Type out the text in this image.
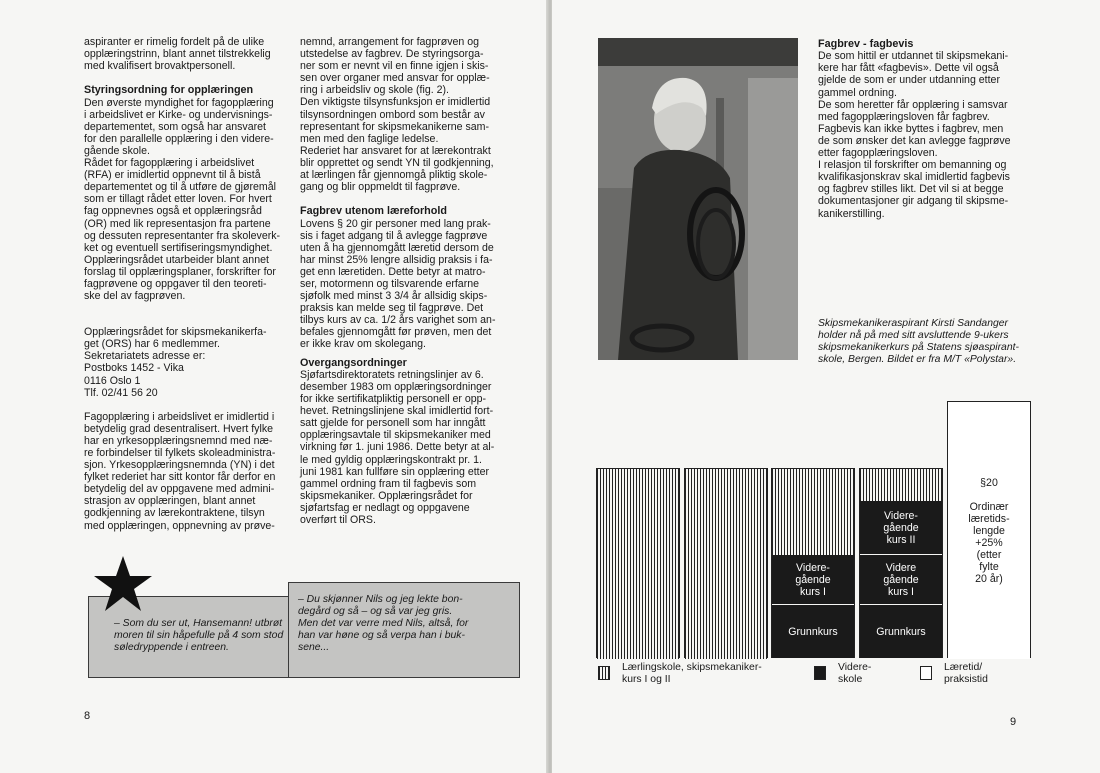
aspiranter er rimelig fordelt på de ulike
opplæringstrinn, blant annet tilstrekkelig
med kvalifisert brovaktpersonell.

Styringsordning for opplæringen

Den øverste myndighet for fagopplæring
i arbeidslivet er Kirke- og undervisnings-
departementet, som også har ansvaret
for den parallelle opplæring i den videre-
gående skole.
Rådet for fagopplæring i arbeidslivet
(RFA) er imidlertid oppnevnt til å bistå
departementet og til å utføre de gjøremål
som er tillagt rådet etter loven. For hvert
fag oppnevnes også et opplæringsråd
(OR) med lik representasjon fra partene
og dessuten representanter fra skoleverk-
ket og eventuell sertifiseringsmyndighet.
Opplæringsrådet utarbeider blant annet
forslag til opplæringsplaner, forskrifter for
fagprøvene og oppgaver til den teoreti-
ske del av fagprøven.

Opplæringsrådet for skipsmekanikerfa-
get (ORS) har 6 medlemmer.
Sekretariatets adresse er:
Postboks 1452 - Vika
0116 Oslo 1
Tlf. 02/41 56 20

Fagopplæring i arbeidslivet er imidlertid i
betydelig grad desentralisert. Hvert fylke
har en yrkesopplæringsnemnd med næ-
re forbindelser til fylkets skoleadministra-
sjon. Yrkesopplæringsnemnda (YN) i det
fylket rederiet har sitt kontor får derfor en
betydelig del av oppgavene med admini-
strasjon av opplæringen, blant annet
godkjenning av lærekontraktene, tilsyn
med opplæringen, oppnevning av prøve-

nemnd, arrangement for fagprøven og
utstedelse av fagbrev. De styringsorga-
ner som er nevnt vil en finne igjen i skis-
sen over organer med ansvar for opplæ-
ring i arbeidsliv og skole (fig. 2).
Den viktigste tilsynsfunksjon er imidlertid
tilsynsordningen ombord som består av
representant for skipsmekanikerne sam-
men med den faglige ledelse.
Rederiet har ansvaret for at lærekontrakt
blir opprettet og sendt YN til godkjenning,
at lærlingen får gjennomgå pliktig skole-
gang og blir oppmeldt til fagprøve.

Fagbrev utenom læreforhold

Lovens § 20 gir personer med lang prak-
sis i faget adgang til å avlegge fagprøve
uten å ha gjennomgått læretid dersom de
har minst 25% lengre allsidig praksis i fa-
get enn læretiden. Dette betyr at matro-
ser, motormenn og tilsvarende erfarne
sjøfolk med minst 3 3/4 år allsidig skips-
praksis kan melde seg til fagprøve. Det
tilbys kurs av ca. 1/2 års varighet som an-
befales gjennomgått før prøven, men det
er ikke krav om skolegang.

Overgangsordninger

Sjøfartsdirektoratets retningslinjer av 6.
desember 1983 om opplæringsordninger
for ikke sertifikatpliktig personell er opp-
hevet. Retningslinjene skal imidlertid fort-
satt gjelde for personell som har inngått
opplæringsavtale til skipsmekaniker med
virkning før 1. juni 1986. Dette betyr at al-
le med gyldig opplæringskontrakt pr. 1.
juni 1981 kan fullføre sin opplæring etter
gammel ordning fram til fagbevis som
skipsmekaniker. Opplæringsrådet for
sjøfartsfag er nedlagt og oppgavene
overført til ORS.

– Som du ser ut, Hansemann! utbrøt
moren til sin håpefulle på 4 som stod
søledryppende i entreen.
– Du skjønner Nils og jeg lekte bon-
degård og så – og så var jeg gris.
Men det var verre med Nils, altså, for
han var høne og så verpa han i buk-
sene...
8
Fagbrev - fagbevis

De som hittil er utdannet til skipsmekani-
kere har fått «fagbevis». Dette vil også
gjelde de som er under utdanning etter
gammel ordning.
De som heretter får opplæring i samsvar
med fagopplæringsloven får fagbrev.
Fagbevis kan ikke byttes i fagbrev, men
de som ønsker det kan avlegge fagprøve
etter fagopplæringsloven.
I relasjon til forskrifter om bemanning og
kvalifikasjonskrav skal imidlertid fagbevis
og fagbrev stilles likt. Det vil si at begge
dokumentasjoner gir adgang til skipsme-
kanikerstilling.

Skipsmekanikeraspirant Kirsti Sandanger
holder nå på med sitt avsluttende 9-ukers
skipsmekanikerkurs på Statens sjøaspirant-
skole, Bergen. Bildet er fra M/T «Polystar».
Videre-
gående
kurs I
Grunnkurs
Videre-
gående
kurs II
Videre
gående
kurs I
Grunnkurs
§20

Ordinær
læretids-
lengde
+25%
(etter
fylte
20 år)
Lærlingskole, skipsmekaniker-
kurs I og II
Videre-
skole
Læretid/
praksistid
9
